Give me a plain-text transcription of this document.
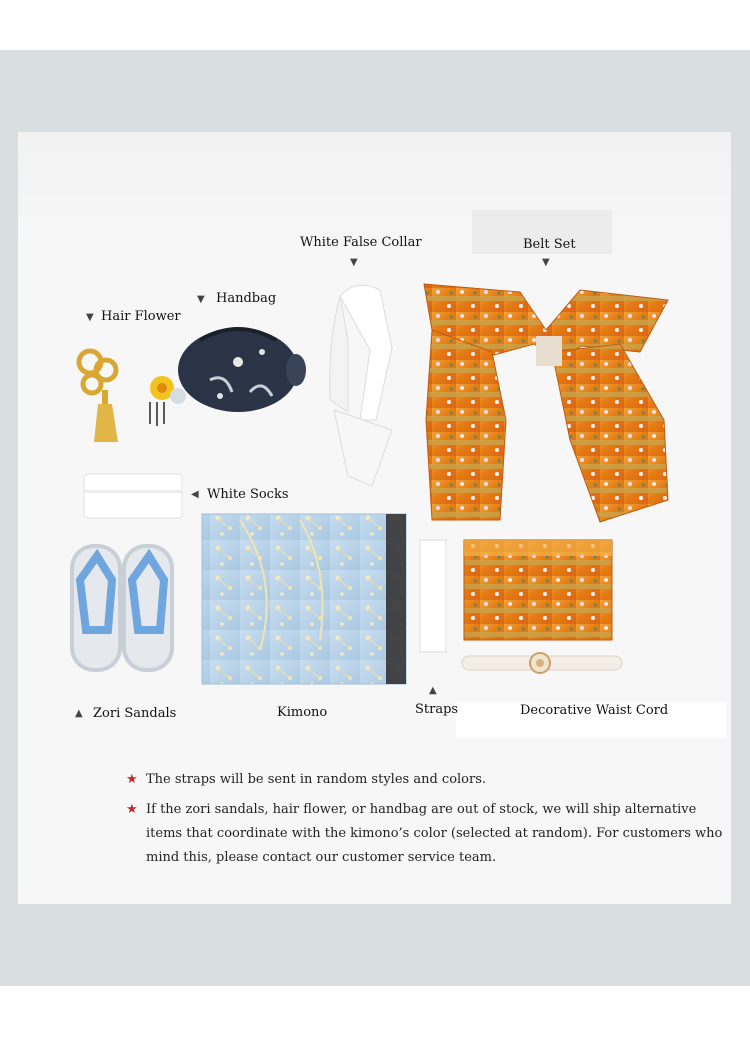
▼ Hair Flower
▼ Handbag
White False Collar
▼
Belt Set
▼
◀ White Socks
▲ Zori Sandals	Kimono
▲
Straps	Decorative Waist Cord
★ The straps will be sent in random styles and colors.
★ If the zori sandals, hair flower, or handbag are out of stock, we will ship alternative items that coordinate with the kimono’s color (selected at random). For customers who mind this, please contact our customer service team.
